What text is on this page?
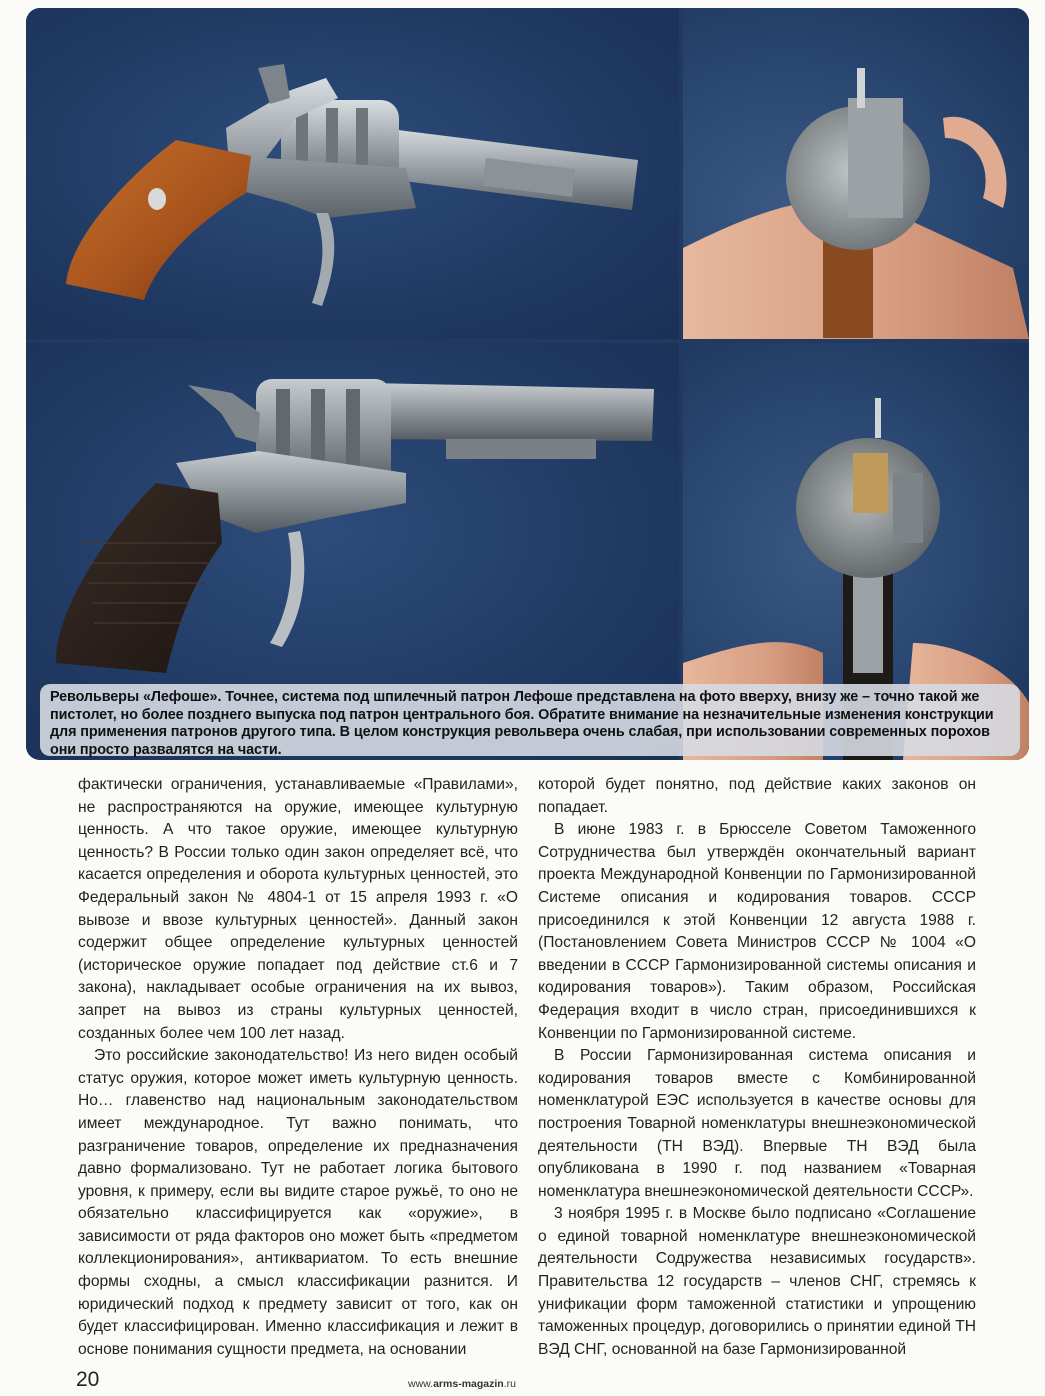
Револьверы «Лефоше». Точнее, система под шпилечный патрон Лефоше представлена на фото вверху, внизу же – точно такой же пистолет, но более позднего выпуска под патрон центрального боя. Обратите внимание на незначительные изменения конструкции для применения патронов другого типа. В целом конструкция револьвера очень слабая, при использовании современных порохов они просто развалятся на части.

фактически ограничения, устанавливаемые «Правилами», не распространяются на оружие, имеющее культурную ценность. А что такое оружие, имеющее культурную ценность? В России только один закон определяет всё, что касается определения и оборота культурных ценностей, это Федеральный закон № 4804-1 от 15 апреля 1993 г. «О вывозе и ввозе культурных ценностей». Данный закон содержит общее определение культурных ценностей (историческое оружие попадает под действие ст.6 и 7 закона), накладывает особые ограничения на их вывоз, запрет на вывоз из страны культурных ценностей, созданных более чем 100 лет назад.

Это российские законодательство! Из него виден особый статус оружия, которое может иметь культурную ценность. Но… главенство над национальным законодательством имеет международное. Тут важно понимать, что разграничение товаров, определение их предназначения давно формализовано. Тут не работает логика бытового уровня, к примеру, если вы видите старое ружьё, то оно не обязательно классифицируется как «оружие», в зависимости от ряда факторов оно может быть «предметом коллекционирования», антиквариатом. То есть внешние формы сходны, а смысл классификации разнится. И юридический подход к предмету зависит от того, как он будет классифицирован. Именно классификация и лежит в основе понимания сущности предмета, на основании

которой будет понятно, под действие каких законов он попадает.

В июне 1983 г. в Брюсселе Советом Таможенного Сотрудничества был утверждён окончательный вариант проекта Международной Конвенции по Гармонизированной Системе описания и кодирования товаров. СССР присоединился к этой Конвенции 12 августа 1988 г. (Постановлением Совета Министров СССР № 1004 «О введении в СССР Гармонизированной системы описания и кодирования товаров»). Таким образом, Российская Федерация входит в число стран, присоединившихся к Конвенции по Гармонизированной системе.

В России Гармонизированная система описания и кодирования товаров вместе с Комбинированной номенклатурой ЕЭС используется в качестве основы для построения Товарной номенклатуры внешнеэкономической деятельности (ТН ВЭД). Впервые ТН ВЭД была опубликована в 1990 г. под названием «Товарная номенклатура внешнеэкономической деятельности СССР».

3 ноября 1995 г. в Москве было подписано «Соглашение о единой товарной номенклатуре внешнеэкономической деятельности Содружества независимых государств». Правительства 12 государств – членов СНГ, стремясь к унификации форм таможенной статистики и упрощению таможенных процедур, договорились о принятии единой ТН ВЭД СНГ, основанной на базе Гармонизированной

20	www.arms-magazin.ru
